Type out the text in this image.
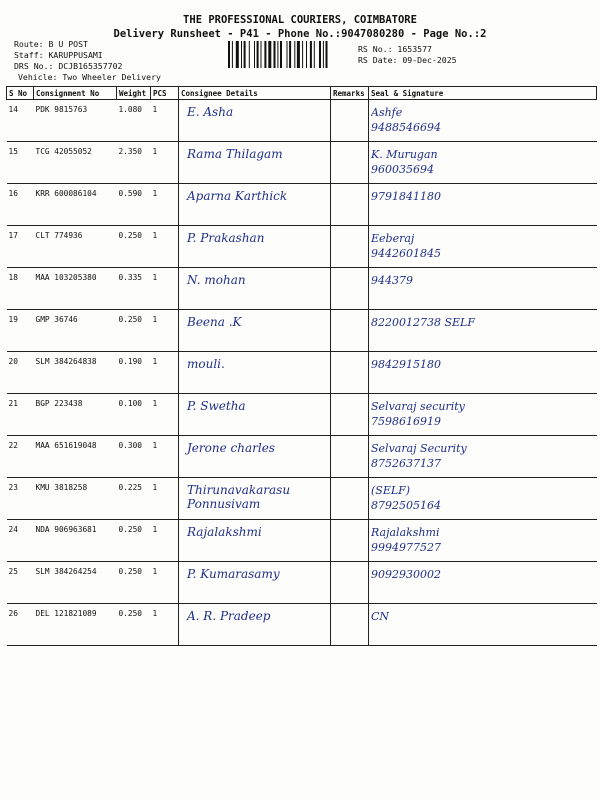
THE PROFESSIONAL COURIERS, COIMBATORE
Delivery Runsheet - P41 - Phone No.:9047080280 - Page No.:2
Route: B U POST
Staff: KARUPPUSAMI
DRS No.: DCJB165357702
Vehicle: Two Wheeler Delivery
RS No.: 1653577
RS Date: 09-Dec-2025
S No	Consignment No	Weight	PCS	Consignee Details	Remarks	Seal & Signature
14	PDK 9815763	1.080	1	E. Asha		Ashfe
9488546694

15	TCG 42055052	2.350	1	Rama Thilagam		K. Murugan
960035694

16	KRR 600086104	0.590	1	Aparna Karthick		9791841180

17	CLT 774936	0.250	1	P. Prakashan		Eeberaj
9442601845

18	MAA 103205380	0.335	1	N. mohan		944379

19	GMP 36746	0.250	1	Beena .K		8220012738 SELF

20	SLM 384264838	0.190	1	mouli.		9842915180

21	BGP 223438	0.100	1	P. Swetha		Selvaraj security
7598616919

22	MAA 651619048	0.300	1	Jerone charles		Selvaraj Security
8752637137

23	KMU 3818258	0.225	1	Thirunavakarasu Ponnusivam		(SELF)
8792505164

24	NDA 906963681	0.250	1	Rajalakshmi		Rajalakshmi
9994977527

25	SLM 384264254	0.250	1	P. Kumarasamy		9092930002

26	DEL 121821089	0.250	1	A. R. Pradeep		CN
